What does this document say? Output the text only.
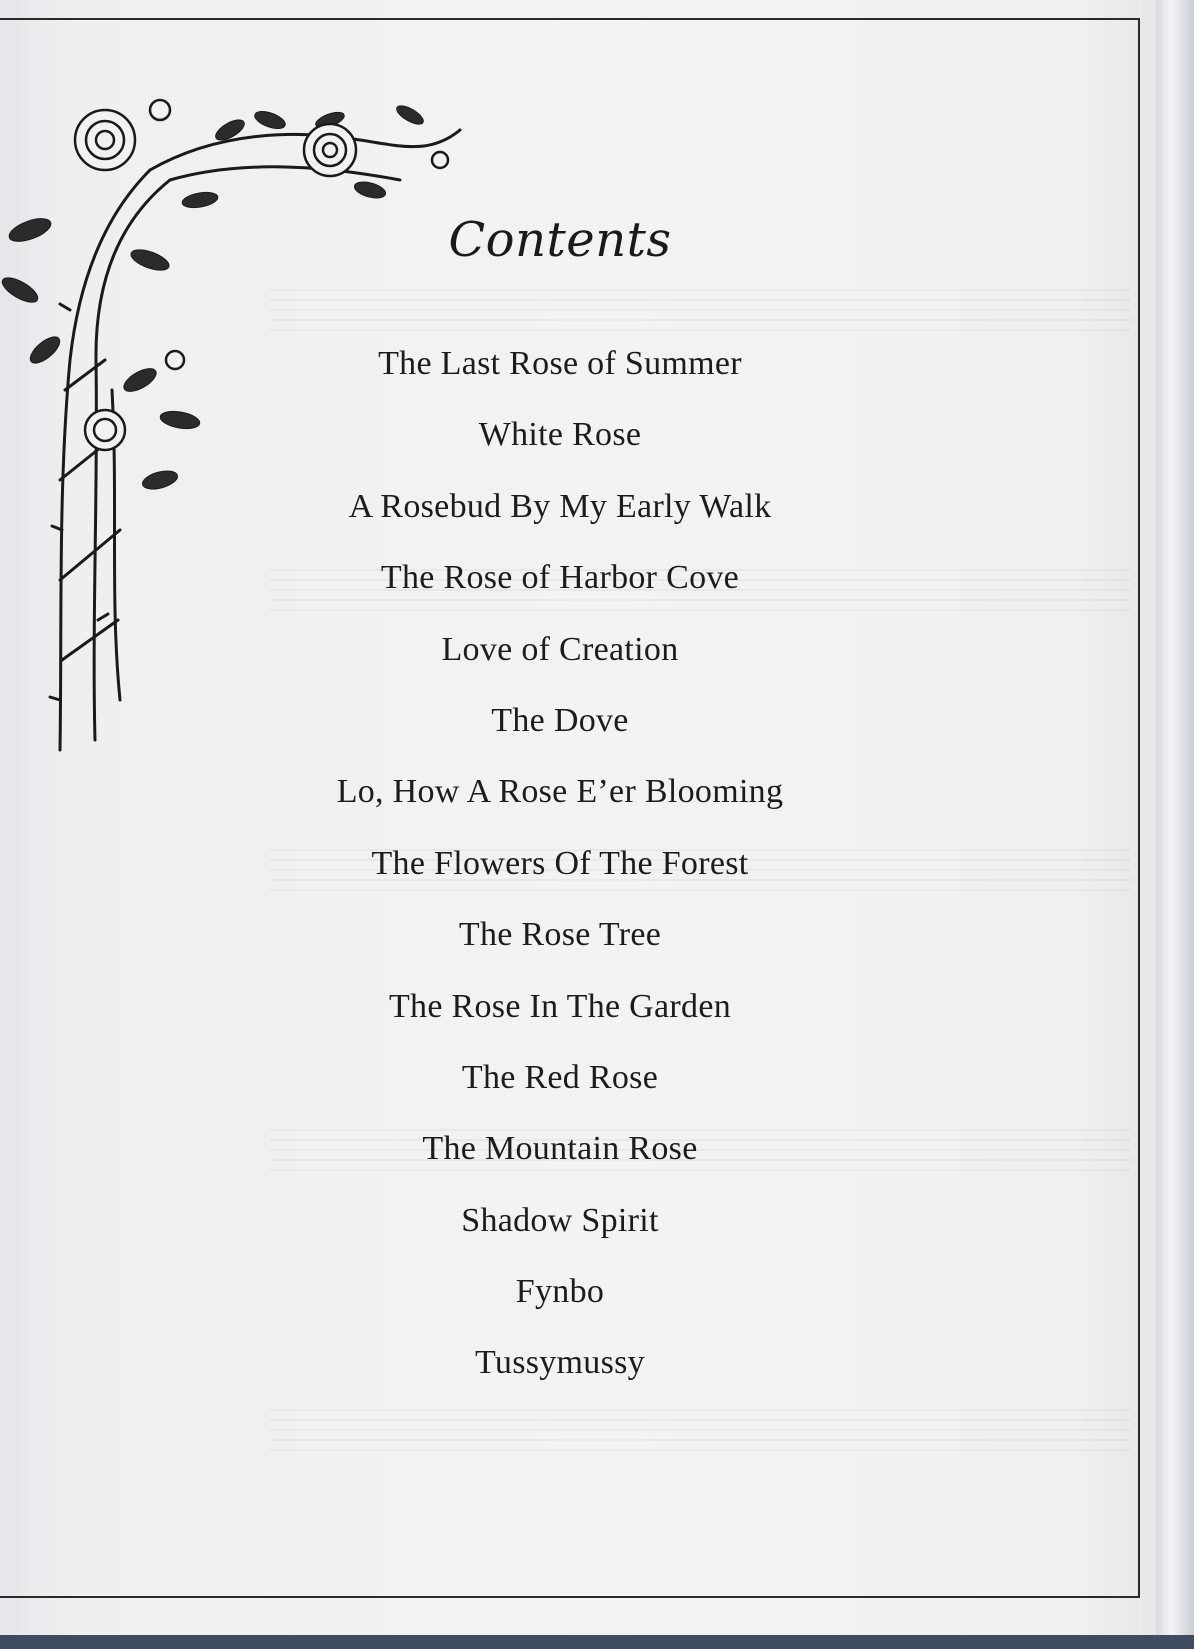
Contents
The Last Rose of Summer
White Rose
A Rosebud By My Early Walk
The Rose of Harbor Cove
Love of Creation
The Dove
Lo, How A Rose E’er Blooming
The Flowers Of The Forest
The Rose Tree
The Rose In The Garden
The Red Rose
The Mountain Rose
Shadow Spirit
Fynbo
Tussymussy
